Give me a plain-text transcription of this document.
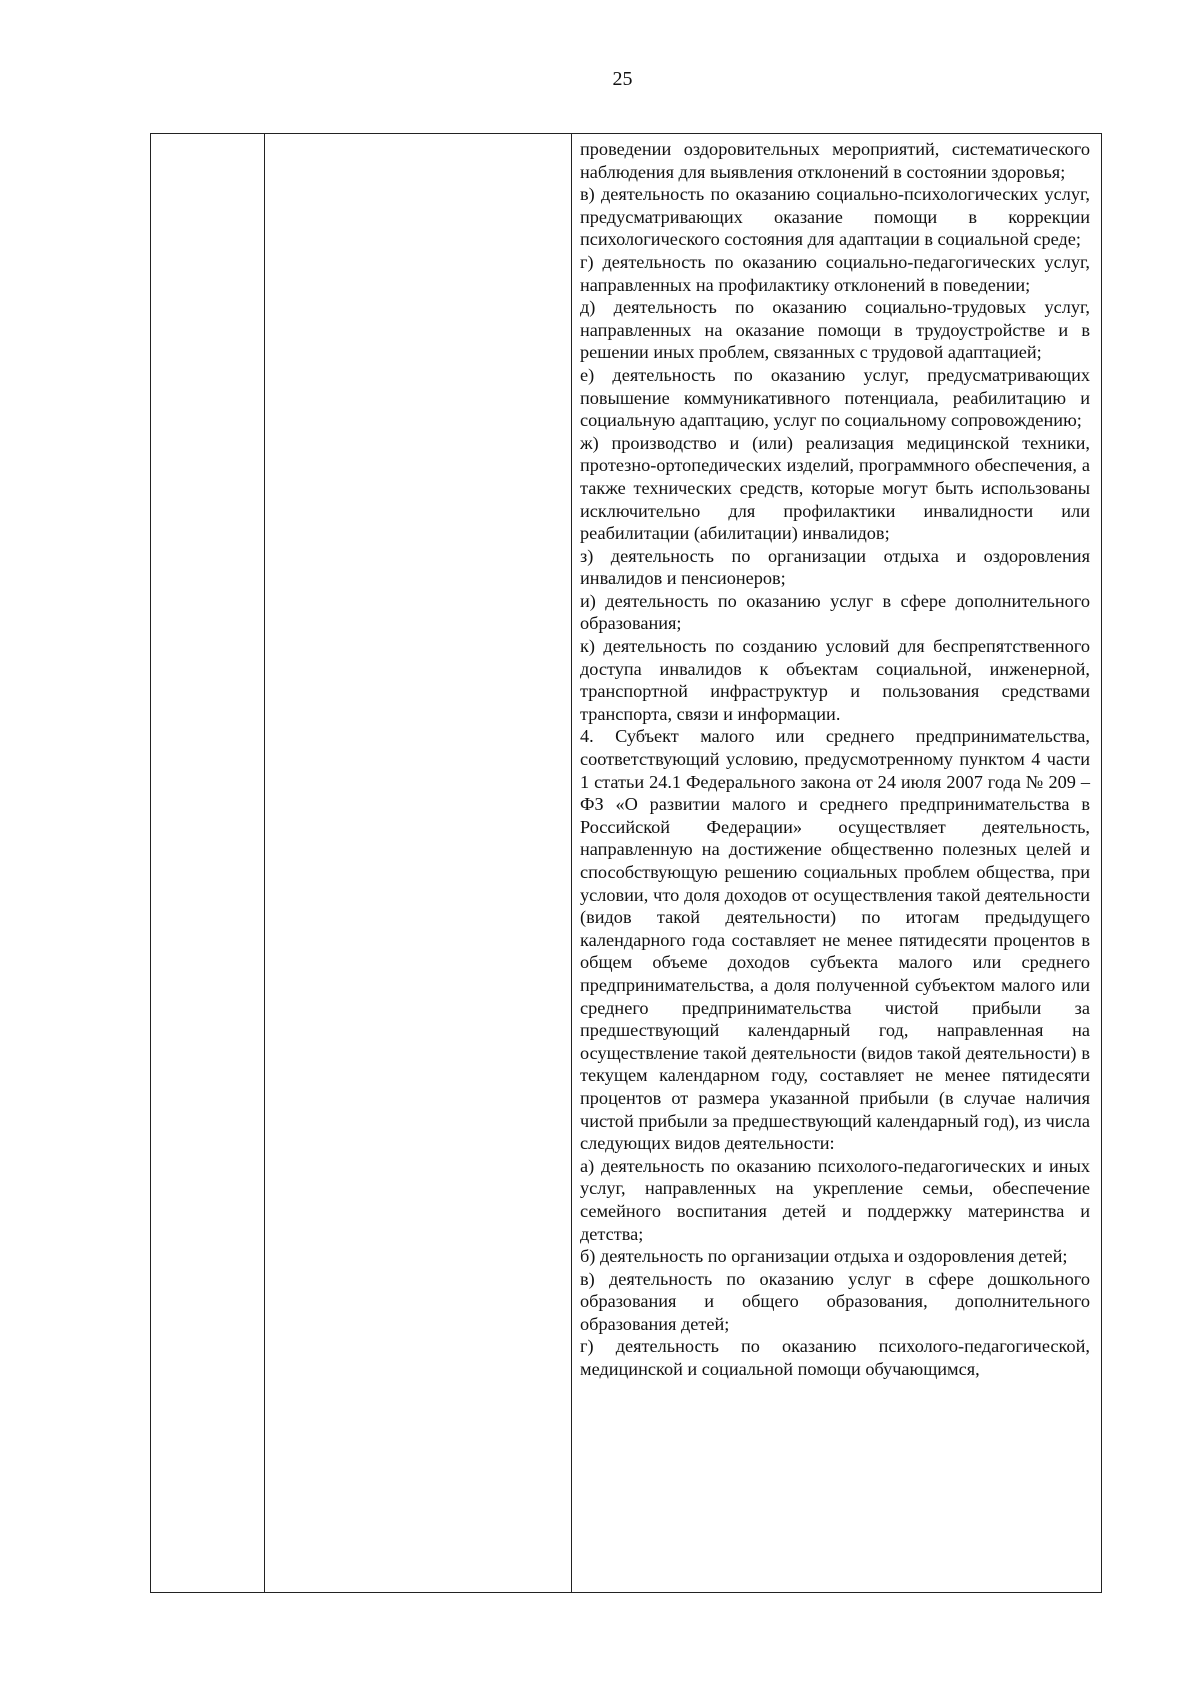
25

проведении оздоровительных мероприятий, систематического наблюдения для выявления отклонений в состоянии здоровья;

в) деятельность по оказанию социально-психологических услуг, предусматривающих оказание помощи в коррекции психологического состояния для адаптации в социальной среде;

г) деятельность по оказанию социально-педагогических услуг, направленных на профилактику отклонений в поведении;

д) деятельность по оказанию социально-трудовых услуг, направленных на оказание помощи в трудоустройстве и в решении иных проблем, связанных с трудовой адаптацией;

е) деятельность по оказанию услуг, предусматривающих повышение коммуникативного потенциала, реабилитацию и социальную адаптацию, услуг по социальному сопровождению;

ж) производство и (или) реализация медицинской техники, протезно-ортопедических изделий, программного обеспечения, а также технических средств, которые могут быть использованы исключительно для профилактики инвалидности или реабилитации (абилитации) инвалидов;

з) деятельность по организации отдыха и оздоровления инвалидов и пенсионеров;

и) деятельность по оказанию услуг в сфере дополнительного образования;

к) деятельность по созданию условий для беспрепятственного доступа инвалидов к объектам социальной, инженерной, транспортной инфраструктур и пользования средствами транспорта, связи и информации.

4. Субъект малого или среднего предпринимательства, соответствующий условию, предусмотренному пунктом 4 части 1 статьи 24.1 Федерального закона от 24 июля 2007 года № 209 – ФЗ «О развитии малого и среднего предпринимательства в Российской Федерации» осуществляет деятельность, направленную на достижение общественно полезных целей и способствующую решению социальных проблем общества, при условии, что доля доходов от осуществления такой деятельности (видов такой деятельности) по итогам предыдущего календарного года составляет не менее пятидесяти процентов в общем объеме доходов субъекта малого или среднего предпринимательства, а доля полученной субъектом малого или среднего предпринимательства чистой прибыли за предшествующий календарный год, направленная на осуществление такой деятельности (видов такой деятельности) в текущем календарном году, составляет не менее пятидесяти процентов от размера указанной прибыли (в случае наличия чистой прибыли за предшествующий календарный год), из числа следующих видов деятельности:

а) деятельность по оказанию психолого-педагогических и иных услуг, направленных на укрепление семьи, обеспечение семейного воспитания детей и поддержку материнства и детства;

б) деятельность по организации отдыха и оздоровления детей;

в) деятельность по оказанию услуг в сфере дошкольного образования и общего образования, дополнительного образования детей;

г) деятельность по оказанию психолого-педагогической, медицинской и социальной помощи обучающимся,
